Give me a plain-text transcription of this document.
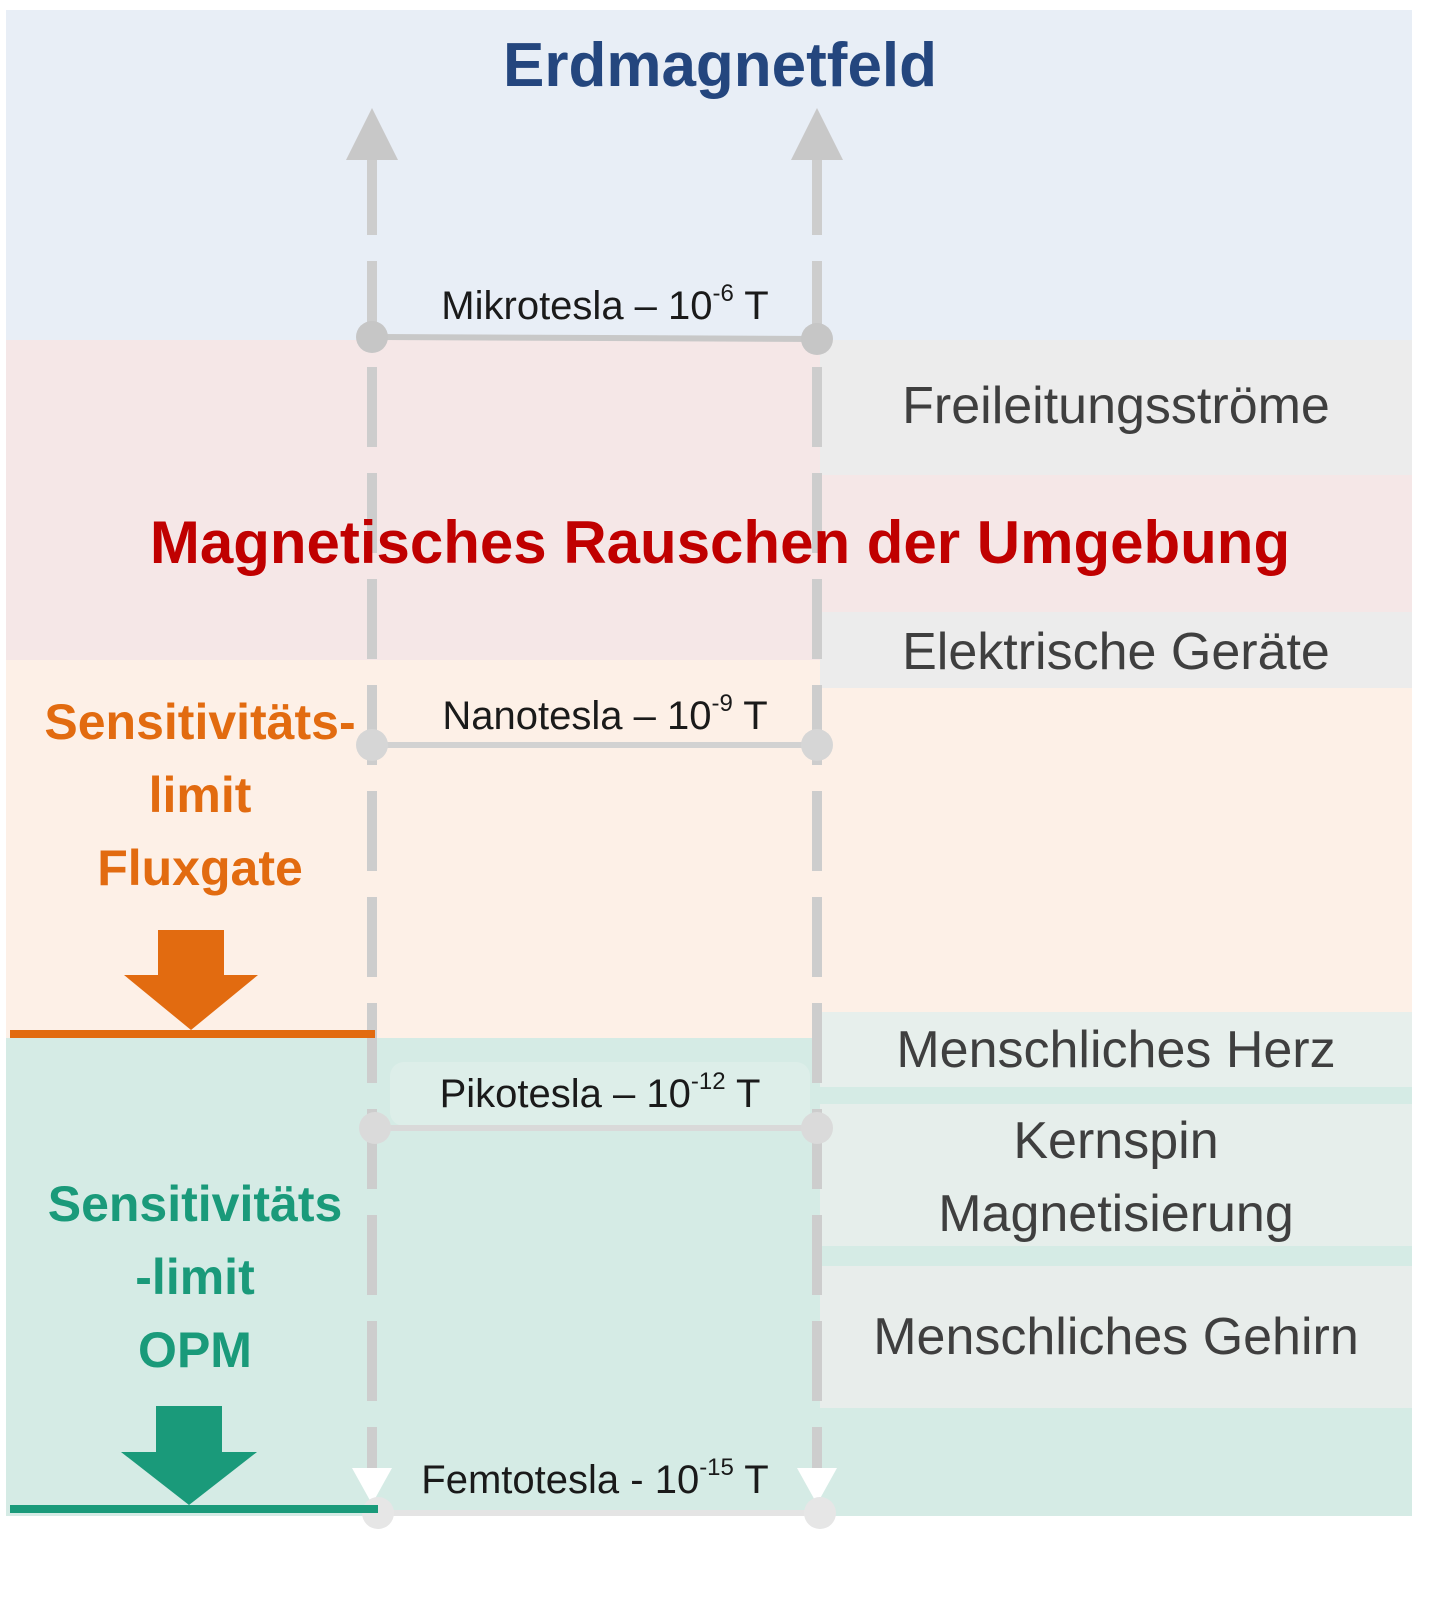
Erdmagnetfeld
Magnetisches Rauschen der Umgebung
Mikrotesla – $10^{-6}$ T
Nanotesla – $10^{-9}$ T
Pikotesla – $10^{-12}$ T
Femtotesla - $10^{-15}$ T
Freileitungsströme
Elektrische Geräte
Menschliches Herz
Kernspin
Magnetisierung
Menschliches Gehirn
Sensitivitäts-
limit
Fluxgate
Sensitivitäts
-limit
OPM
